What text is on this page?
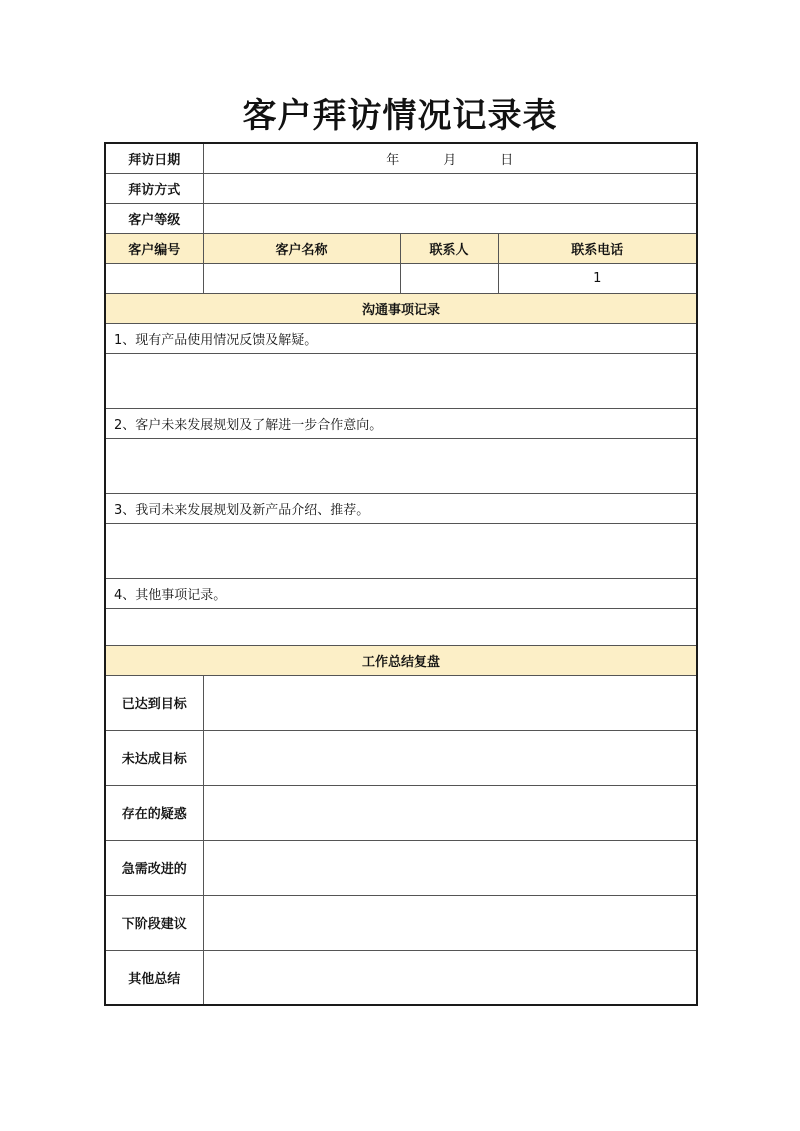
客户拜访情况记录表
拜访日期	年 月 日		
拜访方式			
客户等级			
客户编号	客户名称	联系人	联系电话
			1
沟通事项记录			
1、现有产品使用情况反馈及解疑。			

2、客户未来发展规划及了解进一步合作意向。			

3、我司未来发展规划及新产品介绍、推荐。			

4、其他事项记录。			

工作总结复盘			
已达到目标			
未达成目标			
存在的疑惑			
急需改进的			
下阶段建议			
其他总结			
